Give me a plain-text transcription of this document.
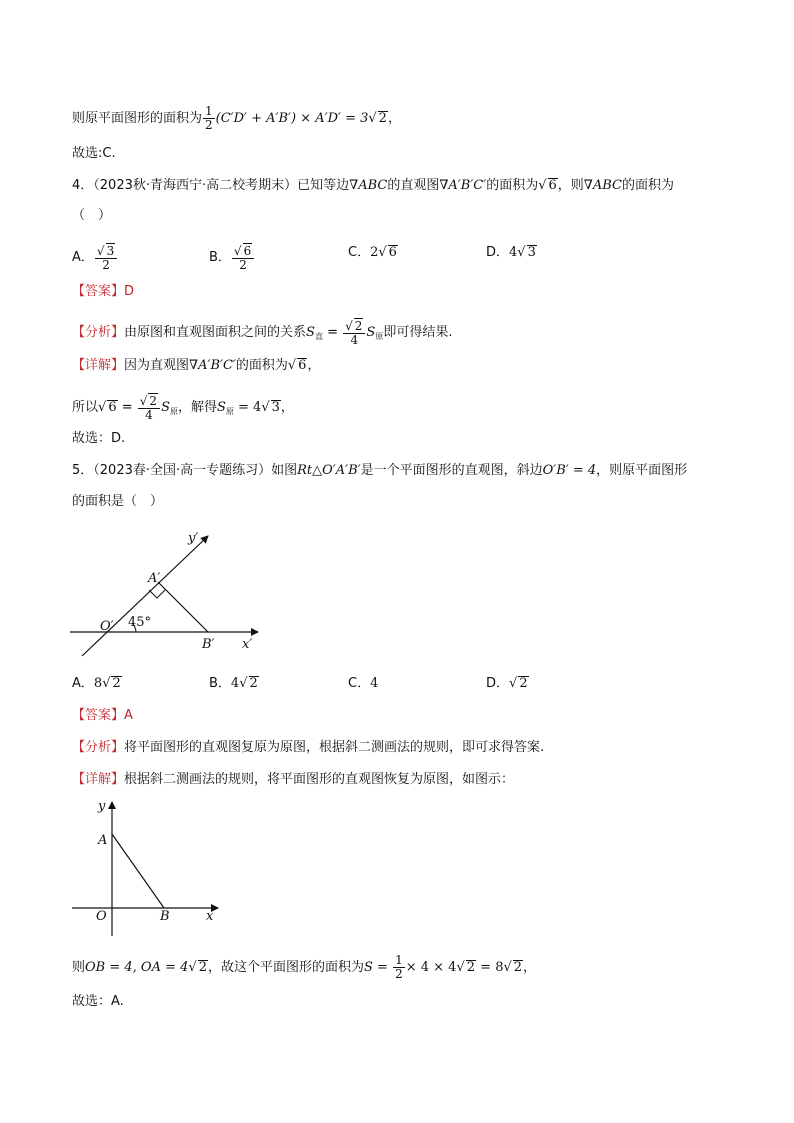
则原平面图形的面积为 $\frac{1}{2} (C'D' + A'B') \times A'D' = 3√$ 2，
故选:C.
4．（2023秋·青海西宁·高二校考期末）已知等边∇ABC的直观图∇A′B′C′的面积为√ 6，则∇ABC的面积为
（　）
A． $\frac{√ 3}{2}$	B． $\frac{√ 6}{2}$	C．2√ 6	D．4√ 3
【答案】D
【分析】由原图和直观图面积之间的关系$S_直 = \frac{√ 2}{4} S_原$即可得结果.
【详解】因为直观图∇A′B′C′的面积为√ 6，
所以√ $6 = \frac{√ 2}{4} S_原$，解得$S_原 = 4√$ 3，
故选：D.
5．（2023春·全国·高一专题练习）如图Rt△O′A′B′是一个平面图形的直观图，斜边O′B′ = 4，则原平面图形
的面积是（　）
y′
A′
O′ 45°
B′ x′
A．8√ 2	B．4√ 2	C．4	D．√ 2
【答案】A
【分析】将平面图形的直观图复原为原图，根据斜二测画法的规则，即可求得答案.
【详解】根据斜二测画法的规则，将平面图形的直观图恢复为原图，如图示：
y
A
O	B	x
则OB = 4, OA = 4√ 2，故这个平面图形的面积为$S = \frac{1}{2} \times 4 \times 4√$ 2 = 8√ 2，
故选：A.
